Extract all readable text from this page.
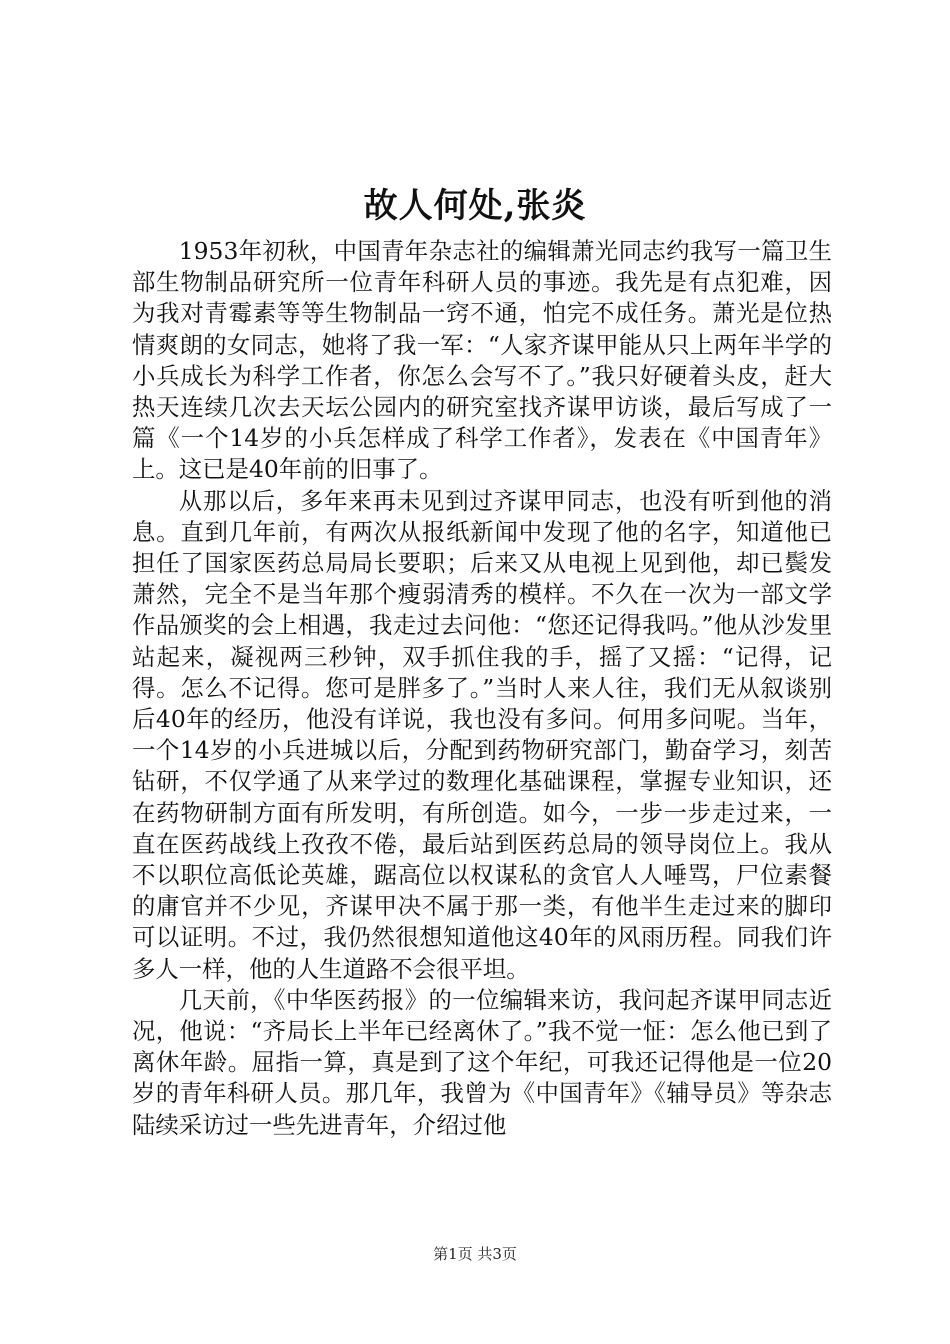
故人何处,张炎

1953年初秋，中国青年杂志社的编辑萧光同志约我写一篇卫生部生物制品研究所一位青年科研人员的事迹。我先是有点犯难，因为我对青霉素等等生物制品一窍不通，怕完不成任务。萧光是位热情爽朗的女同志，她将了我一军：“人家齐谋甲能从只上两年半学的小兵成长为科学工作者，你怎么会写不了。”我只好硬着头皮，赶大热天连续几次去天坛公园内的研究室找齐谋甲访谈，最后写成了一篇《一个14岁的小兵怎样成了科学工作者》，发表在《中国青年》上。这已是40年前的旧事了。

从那以后，多年来再未见到过齐谋甲同志，也没有听到他的消息。直到几年前，有两次从报纸新闻中发现了他的名字，知道他已担任了国家医药总局局长要职；后来又从电视上见到他，却已鬓发萧然，完全不是当年那个瘦弱清秀的模样。不久在一次为一部文学作品颁奖的会上相遇，我走过去问他：“您还记得我吗。”他从沙发里站起来，凝视两三秒钟，双手抓住我的手，摇了又摇：“记得，记得。怎么不记得。您可是胖多了。”当时人来人往，我们无从叙谈别后40年的经历，他没有详说，我也没有多问。何用多问呢。当年，一个14岁的小兵进城以后，分配到药物研究部门，勤奋学习，刻苦钻研，不仅学通了从来学过的数理化基础课程，掌握专业知识，还在药物研制方面有所发明，有所创造。如今，一步一步走过来，一直在医药战线上孜孜不倦，最后站到医药总局的领导岗位上。我从不以职位高低论英雄，踞高位以权谋私的贪官人人唾骂，尸位素餐的庸官并不少见，齐谋甲决不属于那一类，有他半生走过来的脚印可以证明。不过，我仍然很想知道他这40年的风雨历程。同我们许多人一样，他的人生道路不会很平坦。

几天前，《中华医药报》的一位编辑来访，我问起齐谋甲同志近况，他说：“齐局长上半年已经离休了。”我不觉一怔：怎么他已到了离休年龄。屈指一算，真是到了这个年纪，可我还记得他是一位20岁的青年科研人员。那几年，我曾为《中国青年》《辅导员》等杂志陆续采访过一些先进青年，介绍过他

第1页 共3页
